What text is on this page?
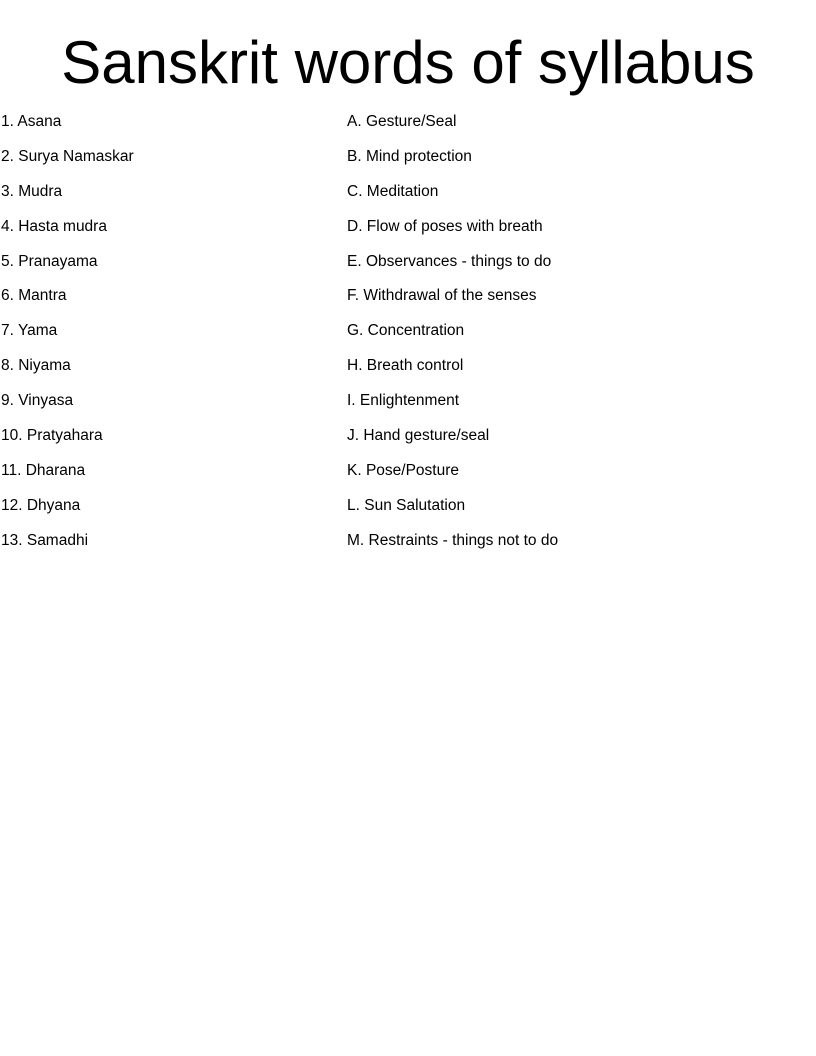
Sanskrit words of syllabus
1. Asana
2. Surya Namaskar
3. Mudra
4. Hasta mudra
5. Pranayama
6. Mantra
7. Yama
8. Niyama
9. Vinyasa
10. Pratyahara
11. Dharana
12. Dhyana
13. Samadhi
A. Gesture/Seal
B. Mind protection
C. Meditation
D. Flow of poses with breath
E. Observances - things to do
F. Withdrawal of the senses
G. Concentration
H. Breath control
I. Enlightenment
J. Hand gesture/seal
K. Pose/Posture
L. Sun Salutation
M. Restraints - things not to do
